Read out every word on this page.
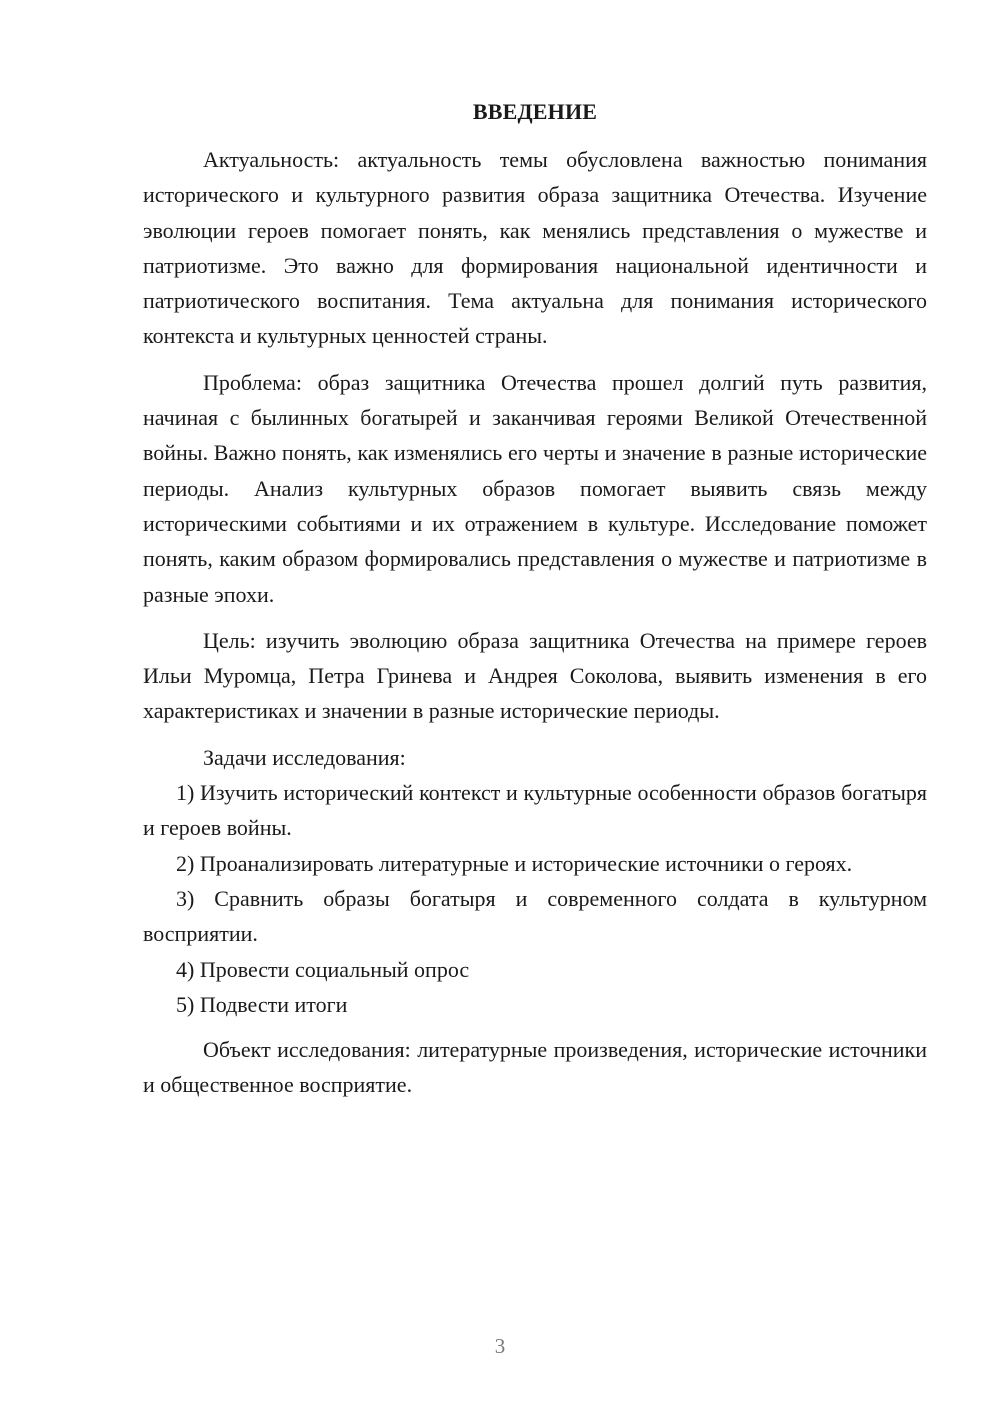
ВВЕДЕНИЕ

Актуальность: актуальность темы обусловлена важностью понимания исторического и культурного развития образа защитника Отечества. Изучение эволюции героев помогает понять, как менялись представления о мужестве и патриотизме. Это важно для формирования национальной идентичности и патриотического воспитания. Тема актуальна для понимания исторического контекста и культурных ценностей страны.

Проблема: образ защитника Отечества прошел долгий путь развития, начиная с былинных богатырей и заканчивая героями Великой Отечественной войны. Важно понять, как изменялись его черты и значение в разные исторические периоды. Анализ культурных образов помогает выявить связь между историческими событиями и их отражением в культуре. Исследование поможет понять, каким образом формировались представления о мужестве и патриотизме в разные эпохи.

Цель: изучить эволюцию образа защитника Отечества на примере героев Ильи Муромца, Петра Гринева и Андрея Соколова, выявить изменения в его характеристиках и значении в разные исторические периоды.

Задачи исследования:

1) Изучить исторический контекст и культурные особенности образов богатыря и героев войны.

2) Проанализировать литературные и исторические источники о героях.

3) Сравнить образы богатыря и современного солдата в культурном восприятии.

4) Провести социальный опрос

5) Подвести итоги

Объект исследования: литературные произведения, исторические источники и общественное восприятие.

3
